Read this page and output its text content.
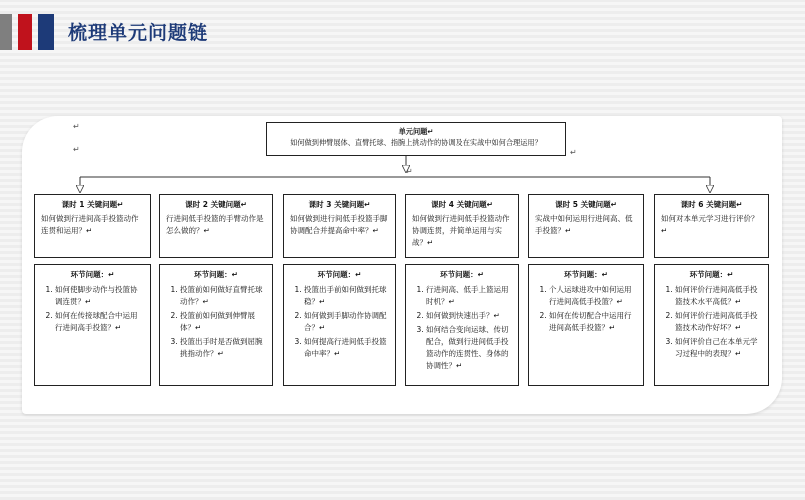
梳理单元问题链
↵
↵
↵
↵
单元问题↵
如何做到伸臂展体、直臂托球、指腕上挑动作的协调及在实战中如何合理运用？
课时 1 关键问题↵
如何做到行进间高手投篮动作连贯和运用？↵
环节问题：↵
1. 如何使脚步动作与投篮协调连贯？↵
2. 如何在传接球配合中运用行进间高手投篮？↵
课时 2 关键问题↵
行进间低手投篮的手臂动作是怎么做的？↵
环节问题：↵
1. 投篮前如何做好直臂托球动作？↵
2. 投篮前如何做到伸臂展体？↵
3. 投篮出手时是否做到屈腕挑指动作？↵
课时 3 关键问题↵
如何做到进行间低手投篮手脚协调配合并提高命中率？↵
环节问题：↵
1. 投篮出手前如何做到托球稳？↵
2. 如何做到手脚动作协调配合？↵
3. 如何提高行进间低手投篮命中率？↵
课时 4 关键问题↵
如何做到行进间低手投篮动作协调连贯，并简单运用与实战？↵
环节问题：↵
1. 行进间高、低手上篮运用时机？↵
2. 如何做到快速出手？↵
3. 如何结合变向运球、传切配合，做到行进间低手投篮动作的连贯性、身体的协调性？↵
课时 5 关键问题↵
实战中如何运用行进间高、低手投篮？↵
环节问题：↵
1. 个人运球进攻中如何运用行进间高低手投篮？↵
2. 如何在传切配合中运用行进间高低手投篮？↵
课时 6 关键问题↵
如何对本单元学习进行评价？↵
环节问题：↵
1. 如何评价行进间高低手投篮技术水平高低？↵
2. 如何评价行进间高低手投篮技术动作好坏？↵
3. 如何评价自己在本单元学习过程中的表现？↵
